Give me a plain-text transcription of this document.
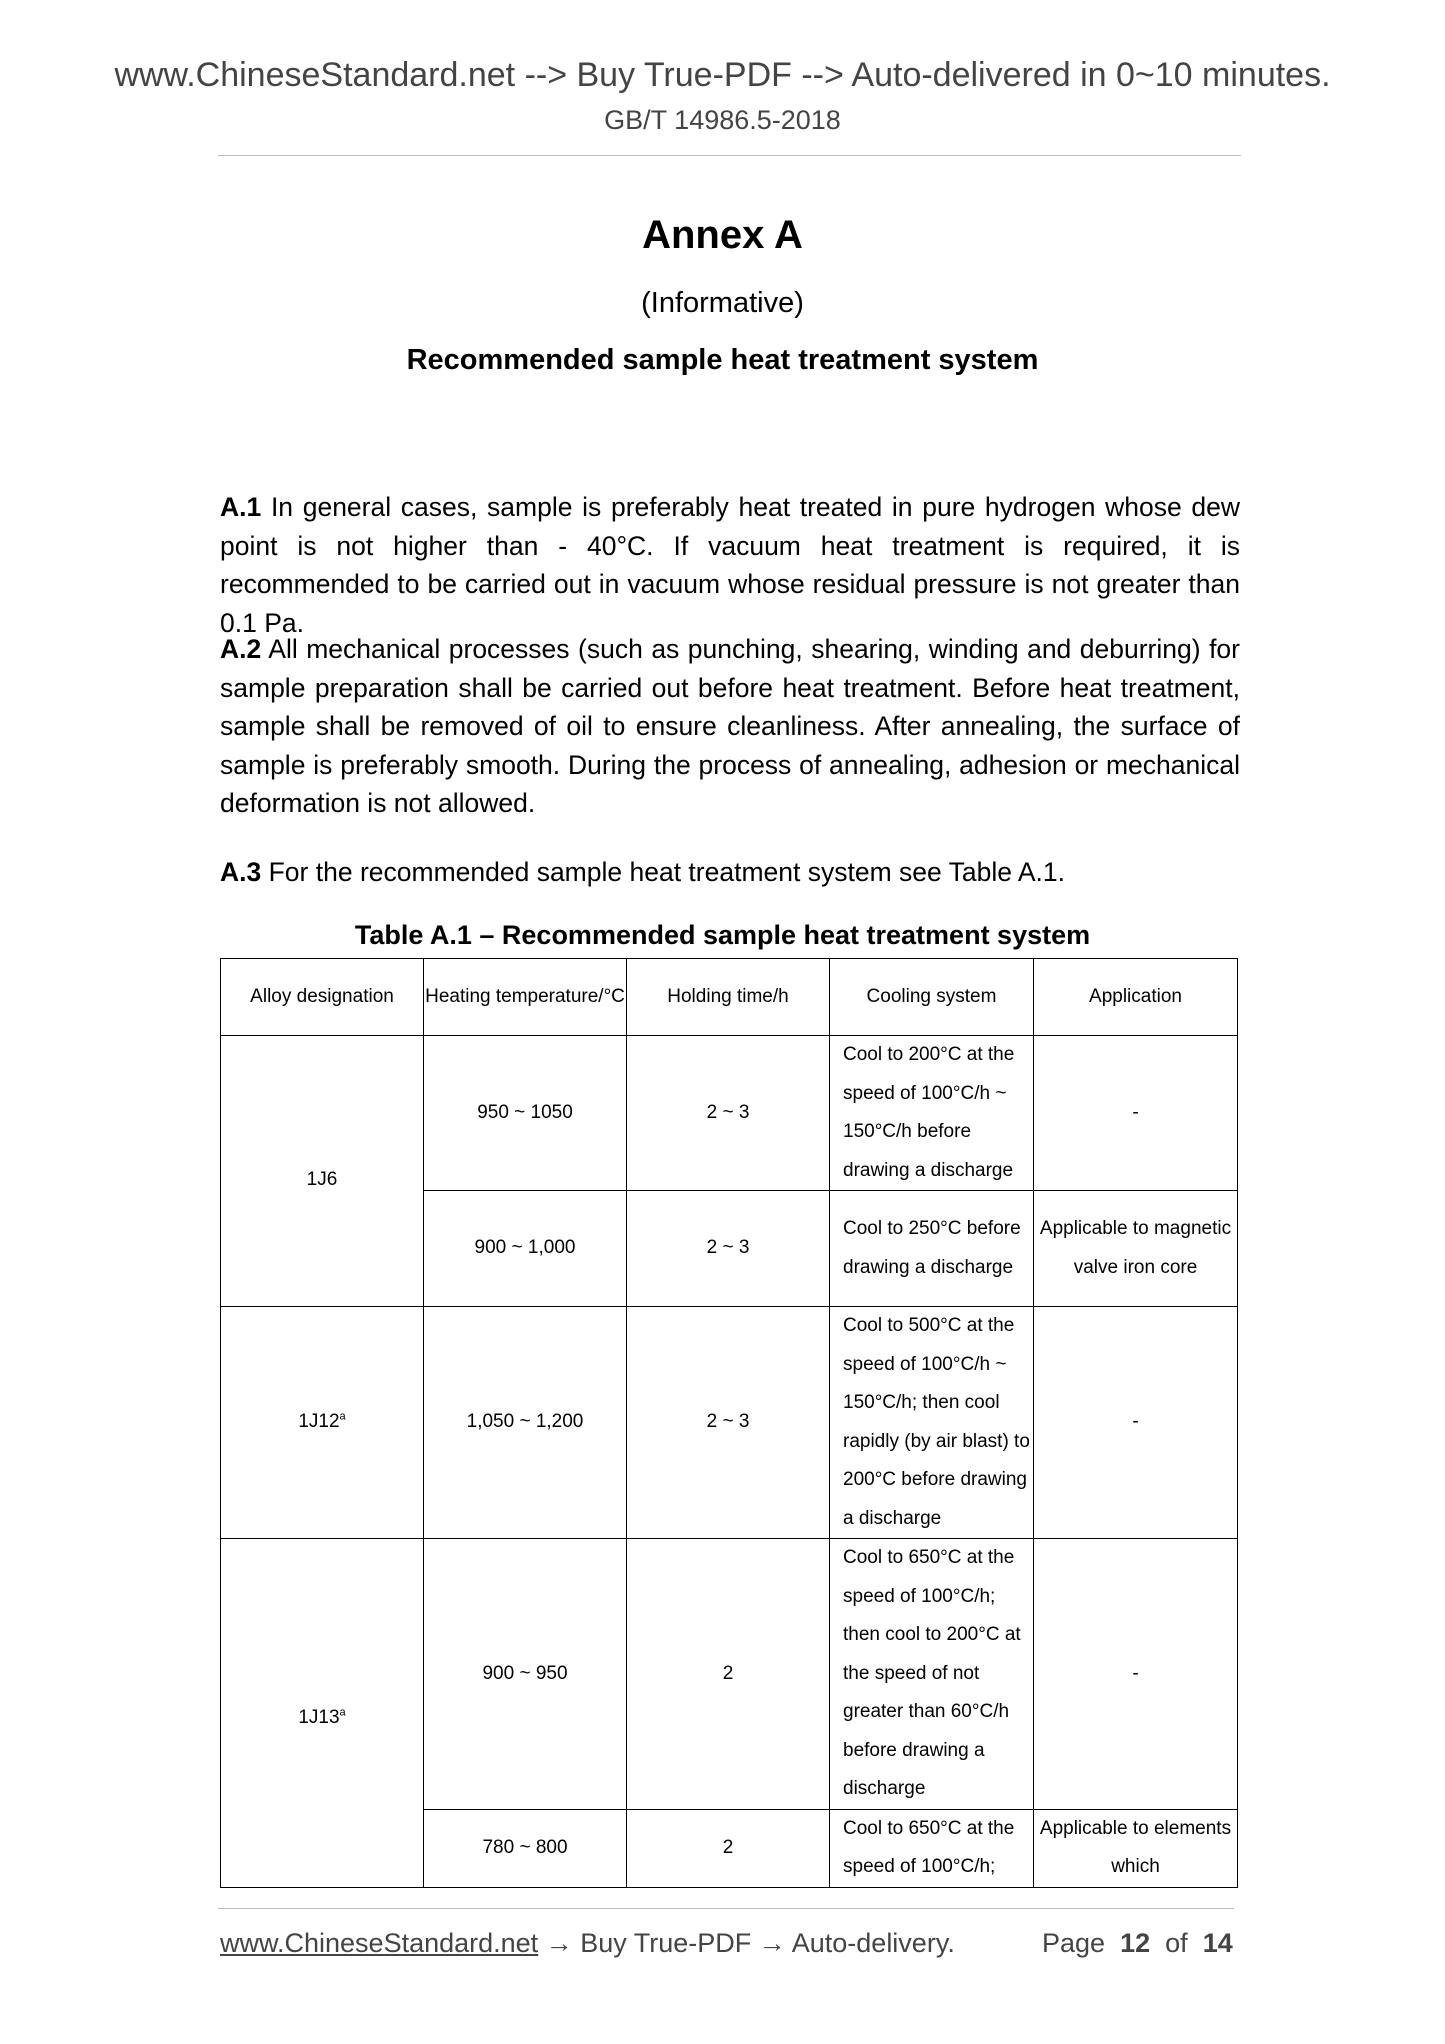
www.ChineseStandard.net --> Buy True-PDF --> Auto-delivered in 0~10 minutes.
GB/T 14986.5-2018
Annex A
(Informative)
Recommended sample heat treatment system
A.1 In general cases, sample is preferably heat treated in pure hydrogen whose dew point is not higher than - 40°C. If vacuum heat treatment is required, it is recommended to be carried out in vacuum whose residual pressure is not greater than 0.1 Pa.
A.2 All mechanical processes (such as punching, shearing, winding and deburring) for sample preparation shall be carried out before heat treatment. Before heat treatment, sample shall be removed of oil to ensure cleanliness. After annealing, the surface of sample is preferably smooth. During the process of annealing, adhesion or mechanical deformation is not allowed.
A.3 For the recommended sample heat treatment system see Table A.1.
Table A.1 – Recommended sample heat treatment system
Alloy designation	Heating temperature/°C	Holding time/h	Cooling system	Application
1J6	950 ~ 1050	2 ~ 3	Cool to 200°C at the speed of 100°C/h ~ 150°C/h before drawing a discharge	-
	900 ~ 1,000	2 ~ 3	Cool to 250°C before drawing a discharge	Applicable to magnetic valve iron core
1J12$^a$	1,050 ~ 1,200	2 ~ 3	Cool to 500°C at the speed of 100°C/h ~ 150°C/h; then cool rapidly (by air blast) to 200°C before drawing a discharge	-
1J13$^a$	900 ~ 950	2	Cool to 650°C at the speed of 100°C/h; then cool to 200°C at the speed of not greater than 60°C/h before drawing a discharge	-
	780 ~ 800	2	Cool to 650°C at the speed of 100°C/h;	Applicable to elements which
www.ChineseStandard.net → Buy True-PDF → Auto-delivery.	Page 12 of 14
